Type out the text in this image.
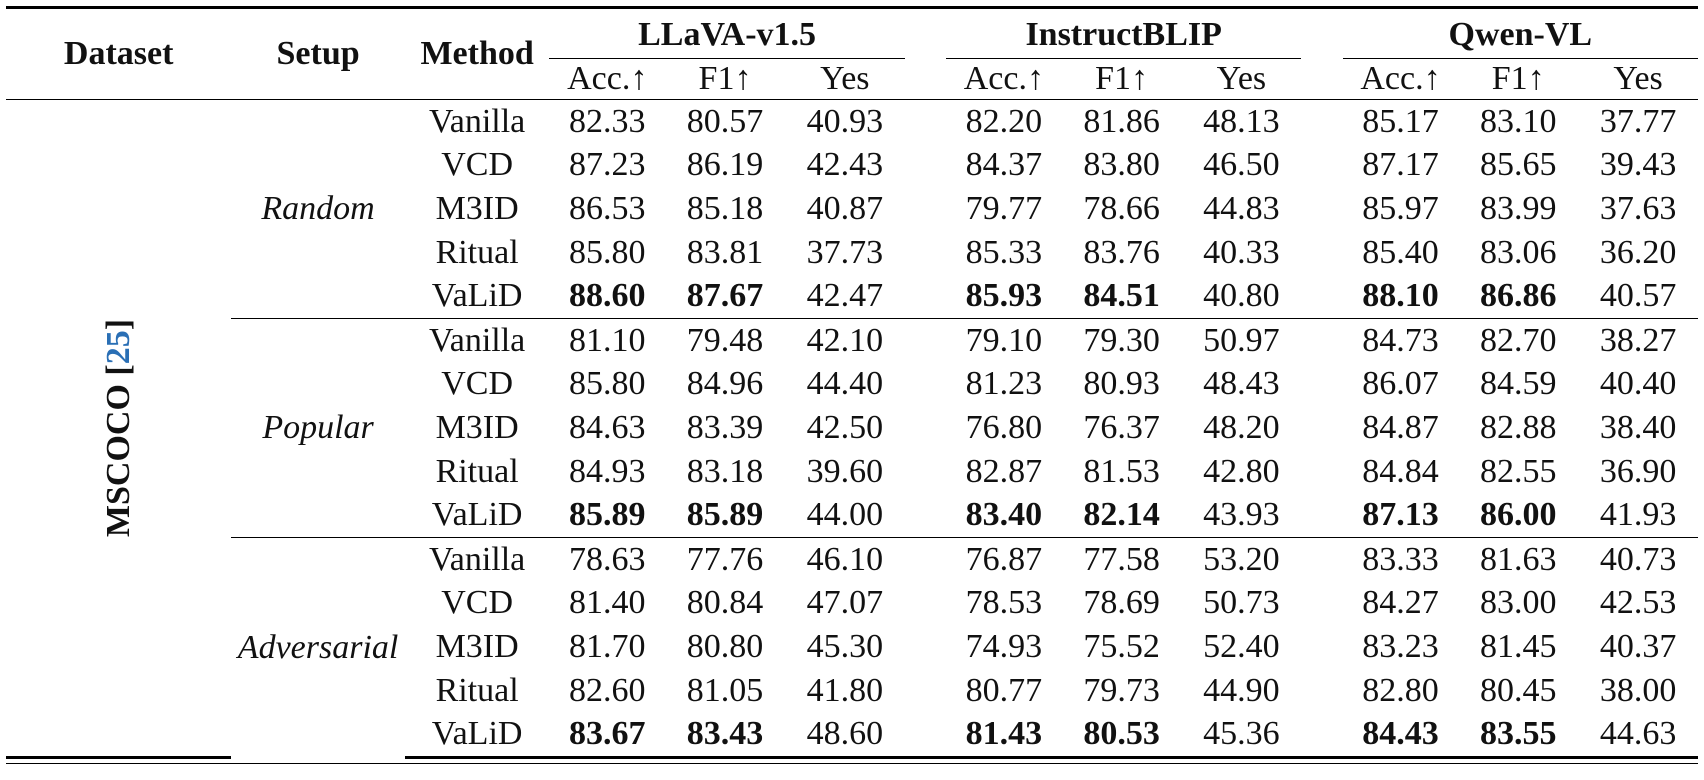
Dataset	Setup	Method	LLaVA-v1.5				InstructBLIP				Qwen-VL		

			Acc.↑	F1↑	Yes		Acc.↑	F1↑	Yes		Acc.↑	F1↑	Yes
MSCOCO [25]	Random	Vanilla	82.33	80.57	40.93		82.20	81.86	48.13		85.17	83.10	37.77
		VCD	87.23	86.19	42.43		84.37	83.80	46.50		87.17	85.65	39.43
		M3ID	86.53	85.18	40.87		79.77	78.66	44.83		85.97	83.99	37.63
		Ritual	85.80	83.81	37.73		85.33	83.76	40.33		85.40	83.06	36.20
		VaLiD	88.60	87.67	42.47		85.93	84.51	40.80		88.10	86.86	40.57
	Popular	Vanilla	81.10	79.48	42.10		79.10	79.30	50.97		84.73	82.70	38.27
		VCD	85.80	84.96	44.40		81.23	80.93	48.43		86.07	84.59	40.40
		M3ID	84.63	83.39	42.50		76.80	76.37	48.20		84.87	82.88	38.40
		Ritual	84.93	83.18	39.60		82.87	81.53	42.80		84.84	82.55	36.90
		VaLiD	85.89	85.89	44.00		83.40	82.14	43.93		87.13	86.00	41.93
	Adversarial	Vanilla	78.63	77.76	46.10		76.87	77.58	53.20		83.33	81.63	40.73
		VCD	81.40	80.84	47.07		78.53	78.69	50.73		84.27	83.00	42.53
		M3ID	81.70	80.80	45.30		74.93	75.52	52.40		83.23	81.45	40.37
		Ritual	82.60	81.05	41.80		80.77	79.73	44.90		82.80	80.45	38.00
		VaLiD	83.67	83.43	48.60		81.43	80.53	45.36		84.43	83.55	44.63
